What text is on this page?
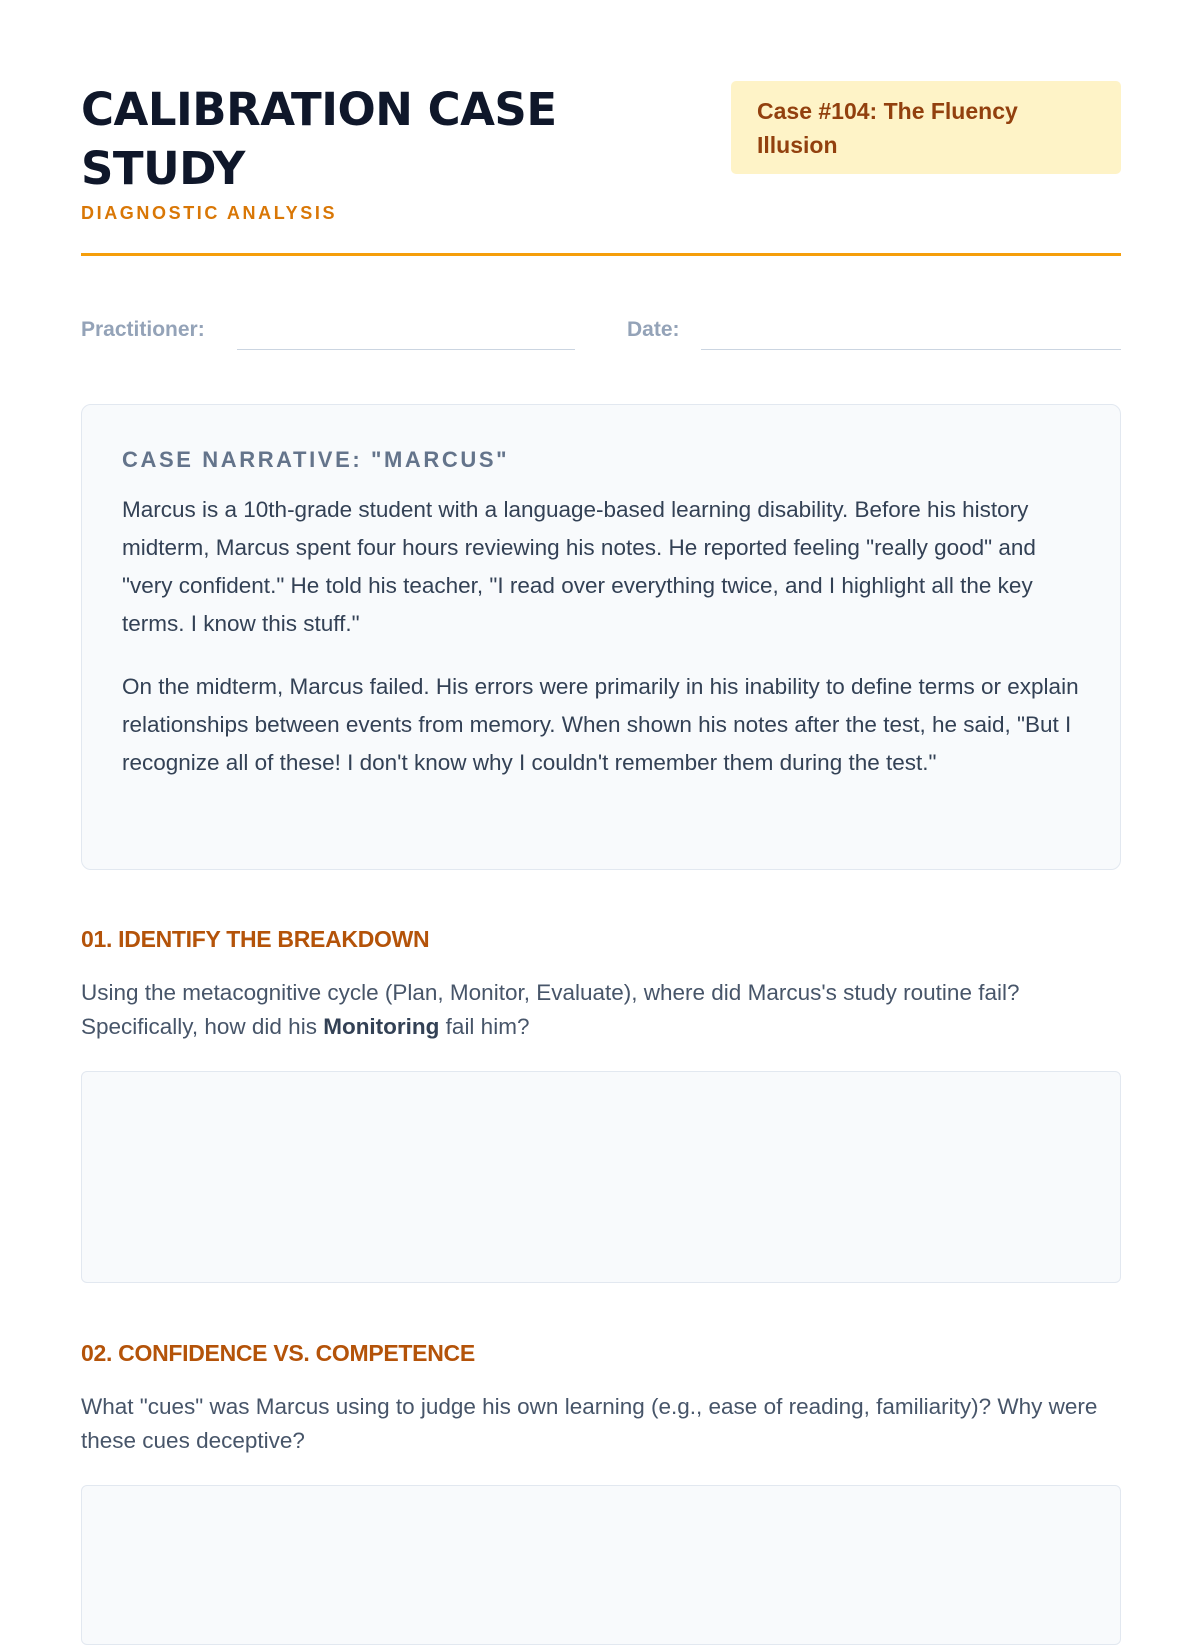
CALIBRATION CASE STUDY
DIAGNOSTIC ANALYSIS
Case #104: The Fluency Illusion
Practitioner:	Date:
CASE NARRATIVE: "MARCUS"

Marcus is a 10th-grade student with a language-based learning disability. Before his history midterm, Marcus spent four hours reviewing his notes. He reported feeling "really good" and "very confident." He told his teacher, "I read over everything twice, and I highlight all the key terms. I know this stuff."

On the midterm, Marcus failed. His errors were primarily in his inability to define terms or explain relationships between events from memory. When shown his notes after the test, he said, "But I recognize all of these! I don't know why I couldn't remember them during the test."

01. IDENTIFY THE BREAKDOWN

Using the metacognitive cycle (Plan, Monitor, Evaluate), where did Marcus's study routine fail? Specifically, how did his Monitoring fail him?

02. CONFIDENCE VS. COMPETENCE

What "cues" was Marcus using to judge his own learning (e.g., ease of reading, familiarity)? Why were these cues deceptive?
